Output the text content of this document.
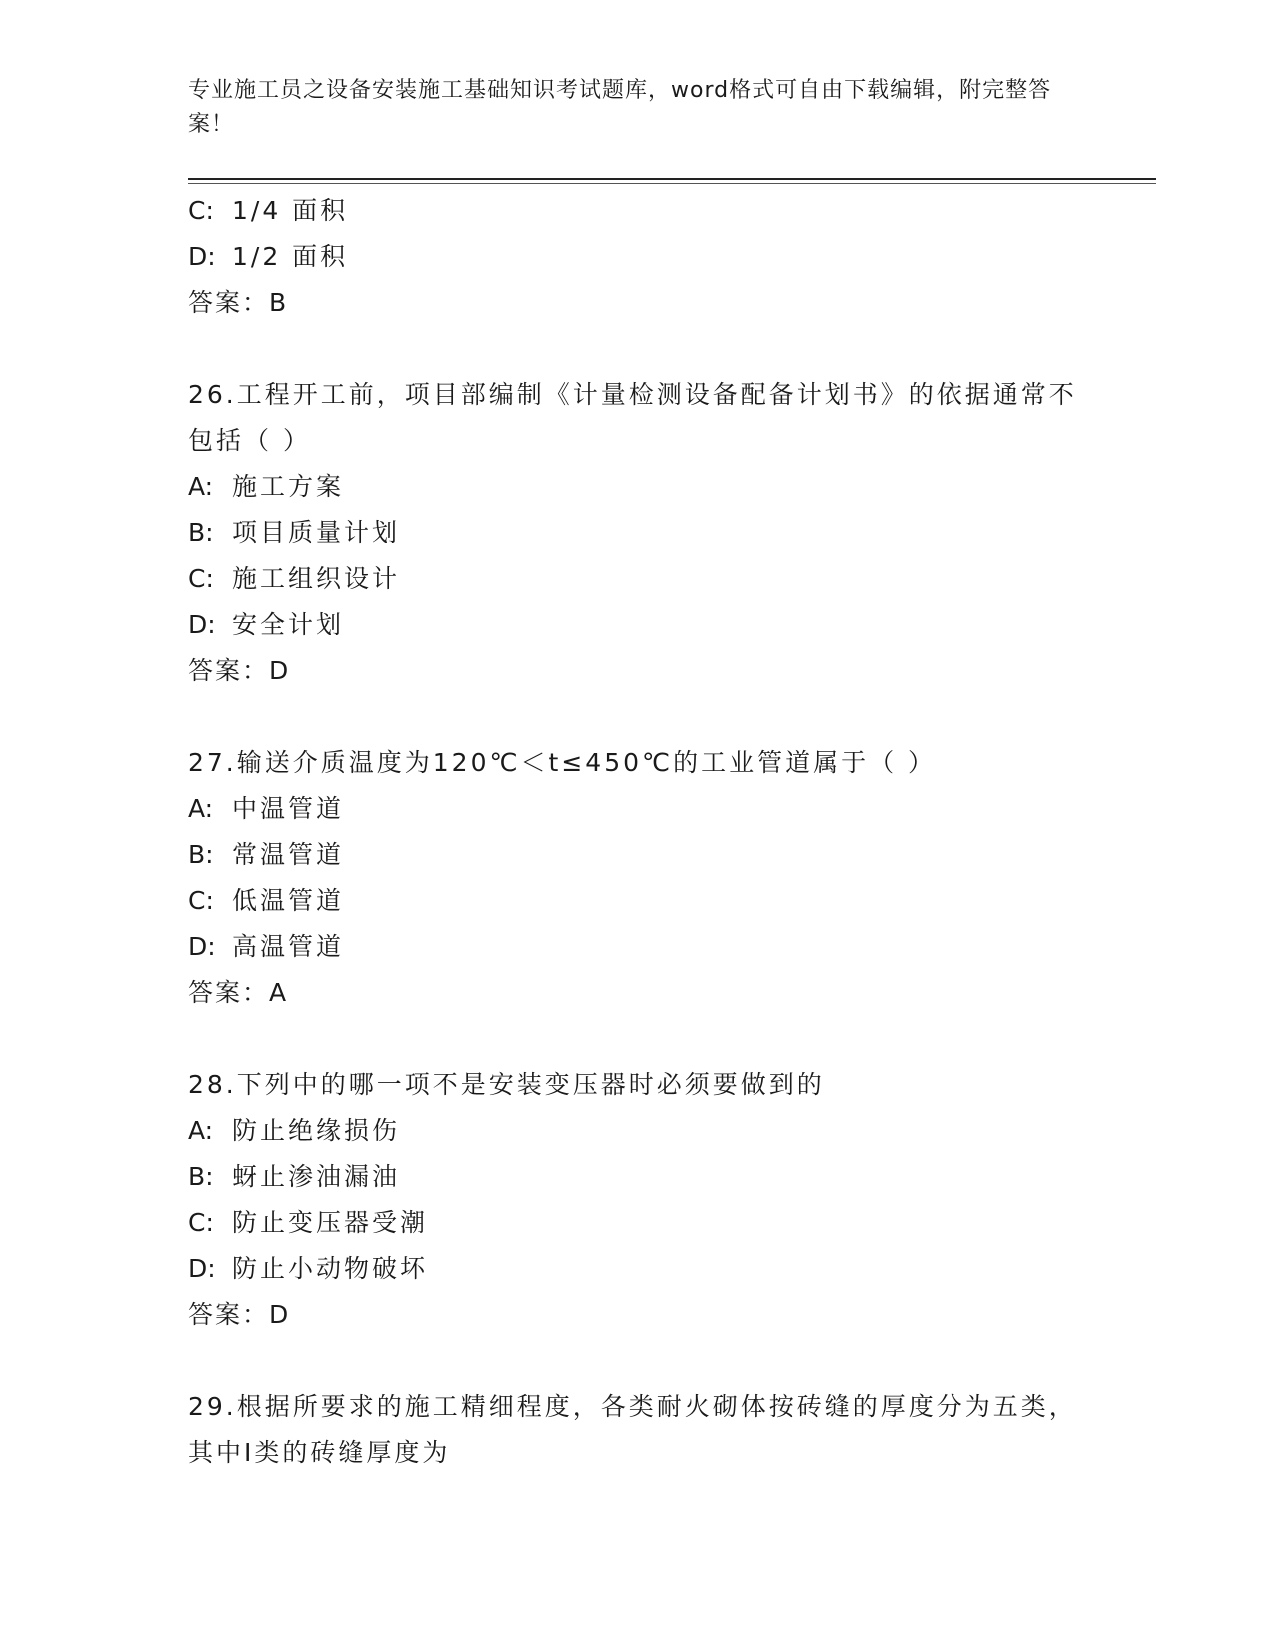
专业施工员之设备安装施工基础知识考试题库，word格式可自由下载编辑，附完整答案！
C: 1/4 面积
D: 1/2 面积
答案：B
26.工程开工前，项目部编制《计量检测设备配备计划书》的依据通常不包括（ ）
A: 施工方案
B: 项目质量计划
C: 施工组织设计
D: 安全计划
答案：D
27.输送介质温度为120℃＜t≤450℃的工业管道属于（ ）
A: 中温管道
B: 常温管道
C: 低温管道
D: 高温管道
答案：A
28.下列中的哪一项不是安装变压器时必须要做到的
A: 防止绝缘损伤
B: 蚜止渗油漏油
C: 防止变压器受潮
D: 防止小动物破坏
答案：D
29.根据所要求的施工精细程度，各类耐火砌体按砖缝的厚度分为五类，其中Ⅰ类的砖缝厚度为
